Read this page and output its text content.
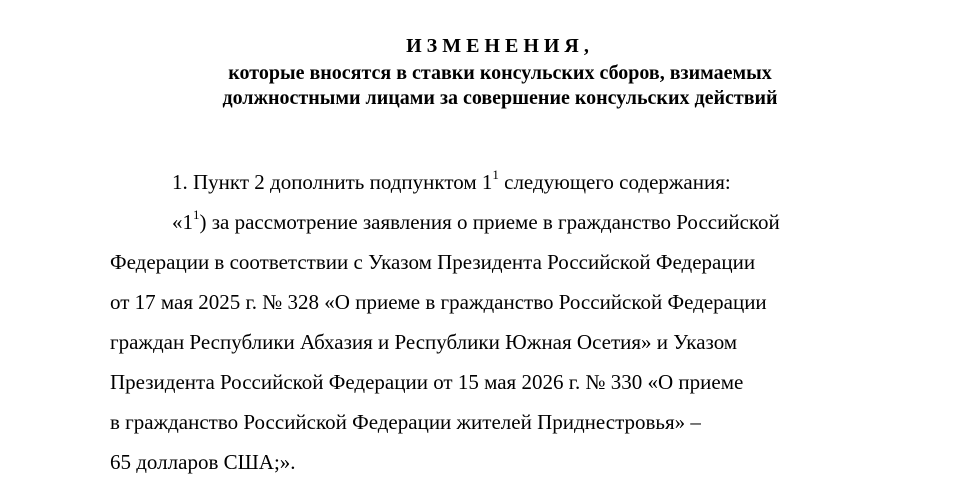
ИЗМЕНЕНИЯ,
которые вносятся в ставки консульских сборов, взимаемых
должностными лицами за совершение консульских действий
1. Пункт 2 дополнить подпунктом $1^1$ следующего содержания:
«$1^1$) за рассмотрение заявления о приеме в гражданство Российской
Федерации в соответствии с Указом Президента Российской Федерации
от 17 мая 2025 г. № 328 «О приеме в гражданство Российской Федерации
граждан Республики Абхазия и Республики Южная Осетия» и Указом
Президента Российской Федерации от 15 мая 2026 г. № 330 «О приеме
в гражданство Российской Федерации жителей Приднестровья» –
65 долларов США;».
